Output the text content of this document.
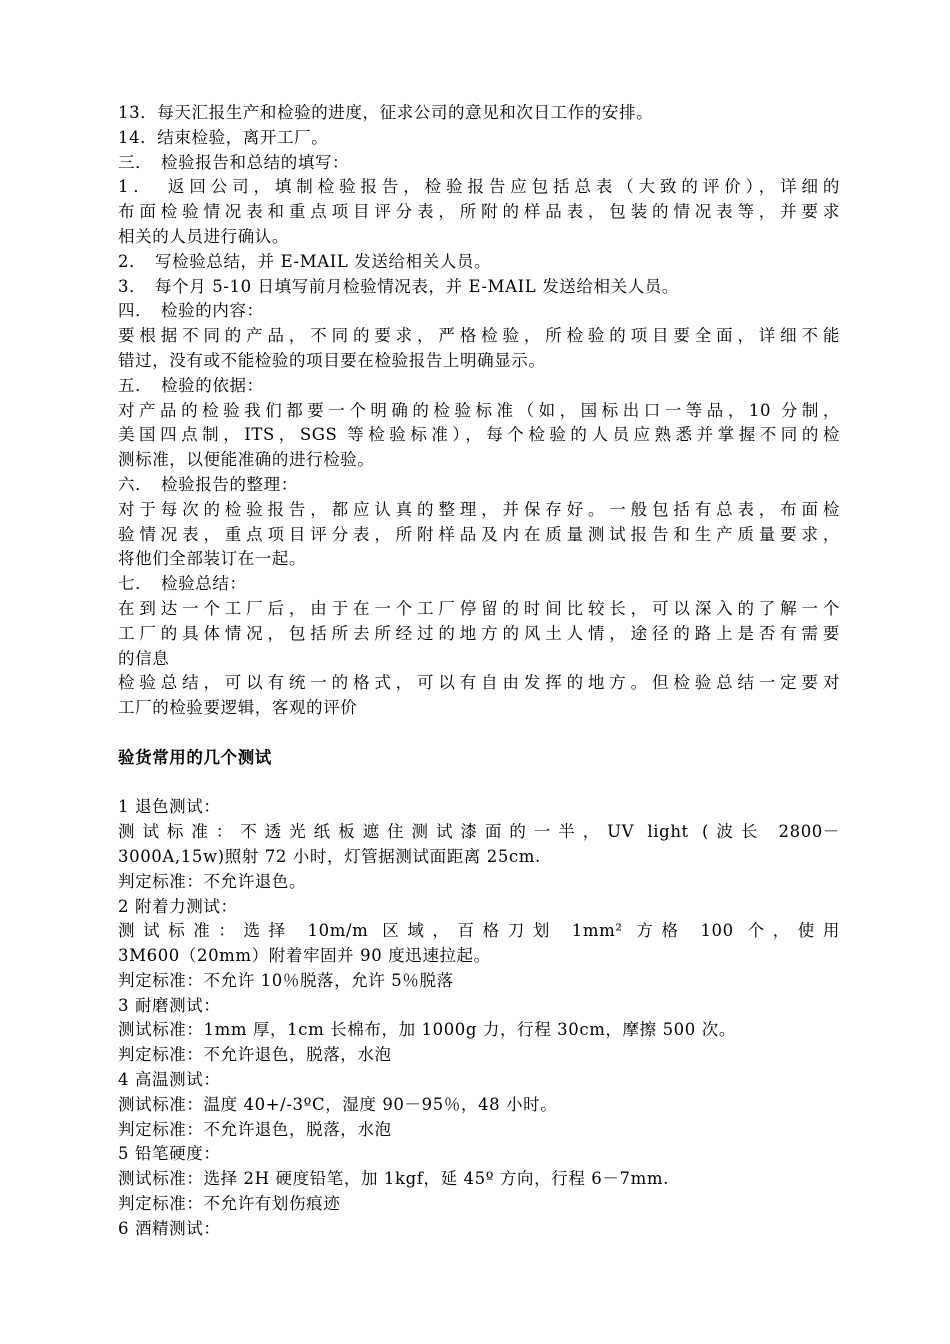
13．每天汇报生产和检验的进度，征求公司的意见和次日工作的安排。
14．结束检验，离开工厂。
三．　检验报告和总结的填写：
1．　返回公司，填制检验报告，检验报告应包括总表（大致的评价），详细的
布面检验情况表和重点项目评分表，所附的样品表，包装的情况表等，并要求
相关的人员进行确认。
2．　写检验总结，并 E-MAIL 发送给相关人员。
3．　每个月 5-10 日填写前月检验情况表，并 E-MAIL 发送给相关人员。
四．　检验的内容：
要根据不同的产品，不同的要求，严格检验，所检验的项目要全面，详细不能
错过，没有或不能检验的项目要在检验报告上明确显示。
五．　检验的依据：
对产品的检验我们都要一个明确的检验标准（如，国标出口一等品，10 分制，
美国四点制，ITS，SGS 等检验标准），每个检验的人员应熟悉并掌握不同的检
测标准，以便能准确的进行检验。
六．　检验报告的整理：
对于每次的检验报告，都应认真的整理，并保存好。一般包括有总表，布面检
验情况表，重点项目评分表，所附样品及内在质量测试报告和生产质量要求，
将他们全部装订在一起。
七．　检验总结：
在到达一个工厂后，由于在一个工厂停留的时间比较长，可以深入的了解一个
工厂的具体情况，包括所去所经过的地方的风土人情，途径的路上是否有需要
的信息
检验总结，可以有统一的格式，可以有自由发挥的地方。但检验总结一定要对
工厂的检验要逻辑，客观的评价
验货常用的几个测试
1 退色测试：
测试标准：不透光纸板遮住测试漆面的一半，UV light (波长 2800－
3000A,15w)照射 72 小时，灯管据测试面距离 25cm.
判定标准：不允许退色。
2 附着力测试：
测试标准：选择 10m/m 区域，百格刀划 1mm² 方格 100 个，使用
3M600（20mm）附着牢固并 90 度迅速拉起。
判定标准：不允许 10％脱落，允许 5％脱落
3 耐磨测试：
测试标准：1mm 厚，1cm 长棉布，加 1000g 力，行程 30cm，摩擦 500 次。
判定标准：不允许退色，脱落，水泡
4 高温测试：
测试标准：温度 40+/-3ºC，湿度 90－95％，48 小时。
判定标准：不允许退色，脱落，水泡
5 铅笔硬度：
测试标准：选择 2H 硬度铅笔，加 1kgf，延 45º 方向，行程 6－7mm.
判定标准：不允许有划伤痕迹
6 酒精测试：
